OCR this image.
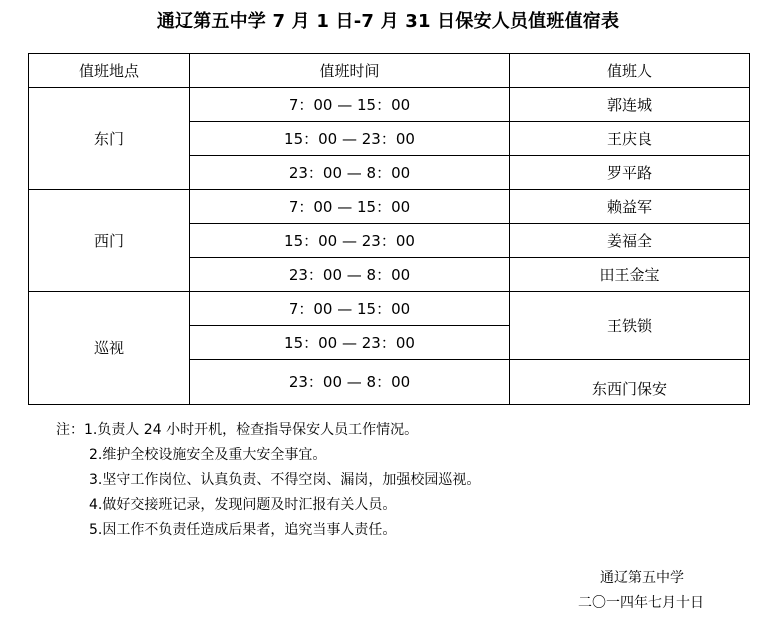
通辽第五中学 7 月 1 日-7 月 31 日保安人员值班值宿表
值班地点	值班时间	值班人
东门	7：00 — 15：00	郭连城
	15：00 — 23：00	王庆良
	23：00 — 8：00	罗平路
西门	7：00 — 15：00	赖益军
	15：00 — 23：00	姜福全
	23：00 — 8：00	田王金宝
巡视	7：00 — 15：00	王铁锁
	15：00 — 23：00	
	23：00 — 8：00	东西门保安
注：1.负责人 24 小时开机，检查指导保安人员工作情况。
2.维护全校设施安全及重大安全事宜。
3.坚守工作岗位、认真负责、不得空岗、漏岗，加强校园巡视。
4.做好交接班记录，发现问题及时汇报有关人员。
5.因工作不负责任造成后果者，追究当事人责任。
通辽第五中学
二〇一四年七月十日
